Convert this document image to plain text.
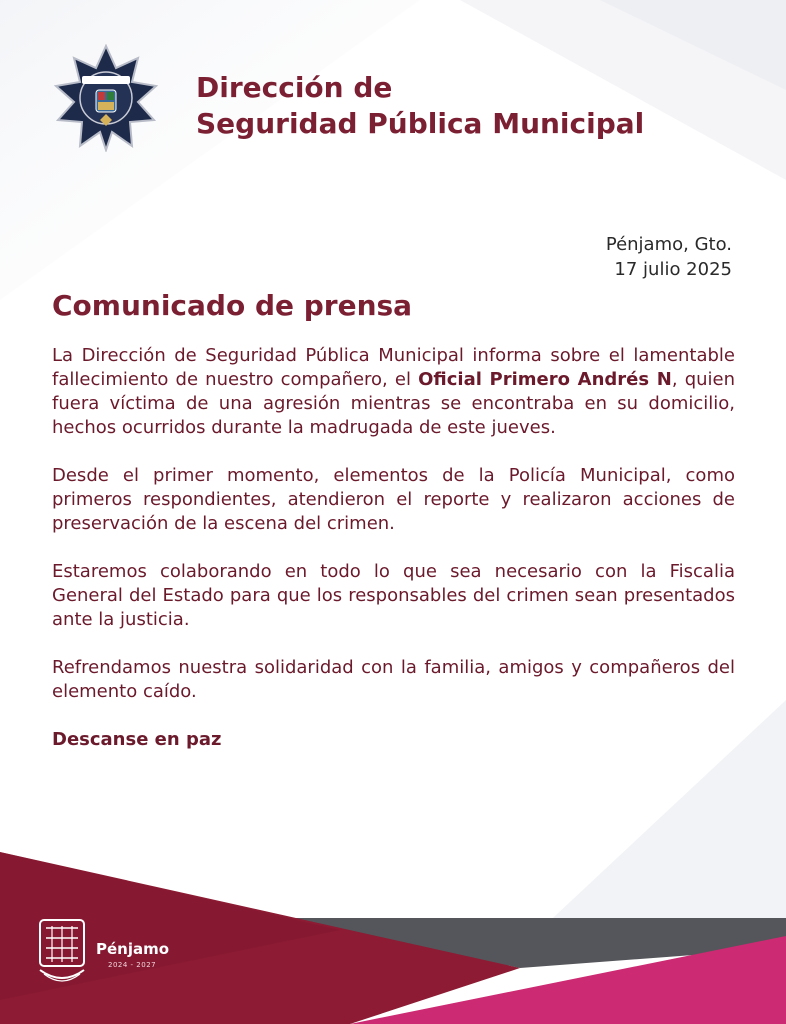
Dirección de
Seguridad Pública Municipal
Pénjamo, Gto.
17 julio 2025
Comunicado de prensa

La Dirección de Seguridad Pública Municipal informa sobre el lamentable fallecimiento de nuestro compañero, el Oficial Primero Andrés N, quien fuera víctima de una agresión mientras se encontraba en su domicilio, hechos ocurridos durante la madrugada de este jueves.

Desde el primer momento, elementos de la Policía Municipal, como primeros respondientes, atendieron el reporte y realizaron acciones de preservación de la escena del crimen.

Estaremos colaborando en todo lo que sea necesario con la Fiscalia General del Estado para que los responsables del crimen sean presentados ante la justicia.

Refrendamos nuestra solidaridad con la familia, amigos y compañeros del elemento caído.

Descanse en paz

Pénjamo
2024 - 2027
